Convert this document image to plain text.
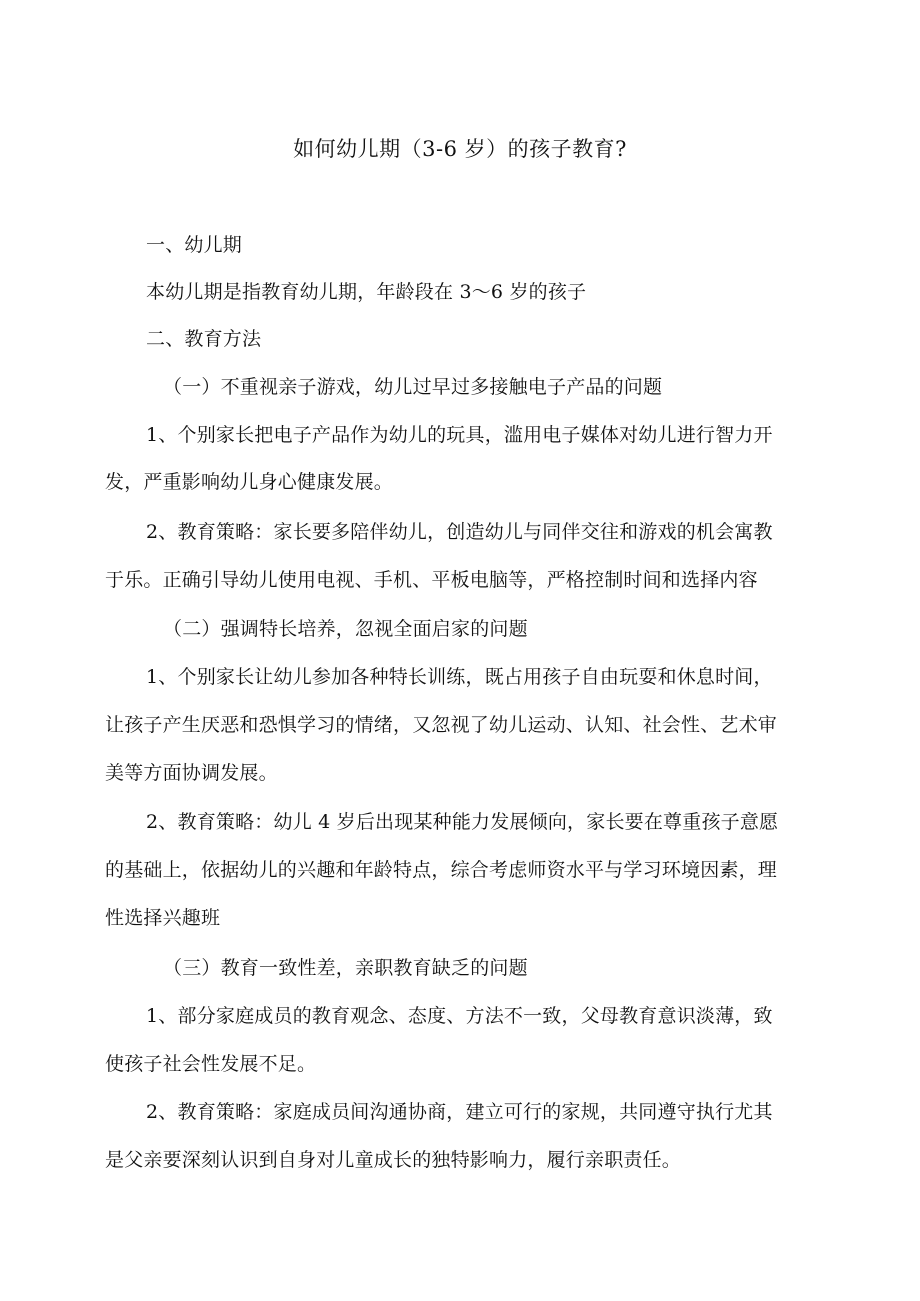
如何幼儿期（3-6 岁）的孩子教育?
一、幼儿期
本幼儿期是指教育幼儿期，年龄段在 3～6 岁的孩子
二、教育方法
（一）不重视亲子游戏，幼儿过早过多接触电子产品的问题
1、个别家长把电子产品作为幼儿的玩具，滥用电子媒体对幼儿进行智力开
发，严重影响幼儿身心健康发展。
2、教育策略：家长要多陪伴幼儿，创造幼儿与同伴交往和游戏的机会寓教
于乐。正确引导幼儿使用电视、手机、平板电脑等，严格控制时间和选择内容
（二）强调特长培养，忽视全面启家的问题
1、个别家长让幼儿参加各种特长训练，既占用孩子自由玩耍和休息时间，
让孩子产生厌恶和恐惧学习的情绪，又忽视了幼儿运动、认知、社会性、艺术审
美等方面协调发展。
2、教育策略：幼儿 4 岁后出现某种能力发展倾向，家长要在尊重孩子意愿
的基础上，依据幼儿的兴趣和年龄特点，综合考虑师资水平与学习环境因素，理
性选择兴趣班
（三）教育一致性差，亲职教育缺乏的问题
1、部分家庭成员的教育观念、态度、方法不一致，父母教育意识淡薄，致
使孩子社会性发展不足。
2、教育策略：家庭成员间沟通协商，建立可行的家规，共同遵守执行尤其
是父亲要深刻认识到自身对儿童成长的独特影响力，履行亲职责任。
